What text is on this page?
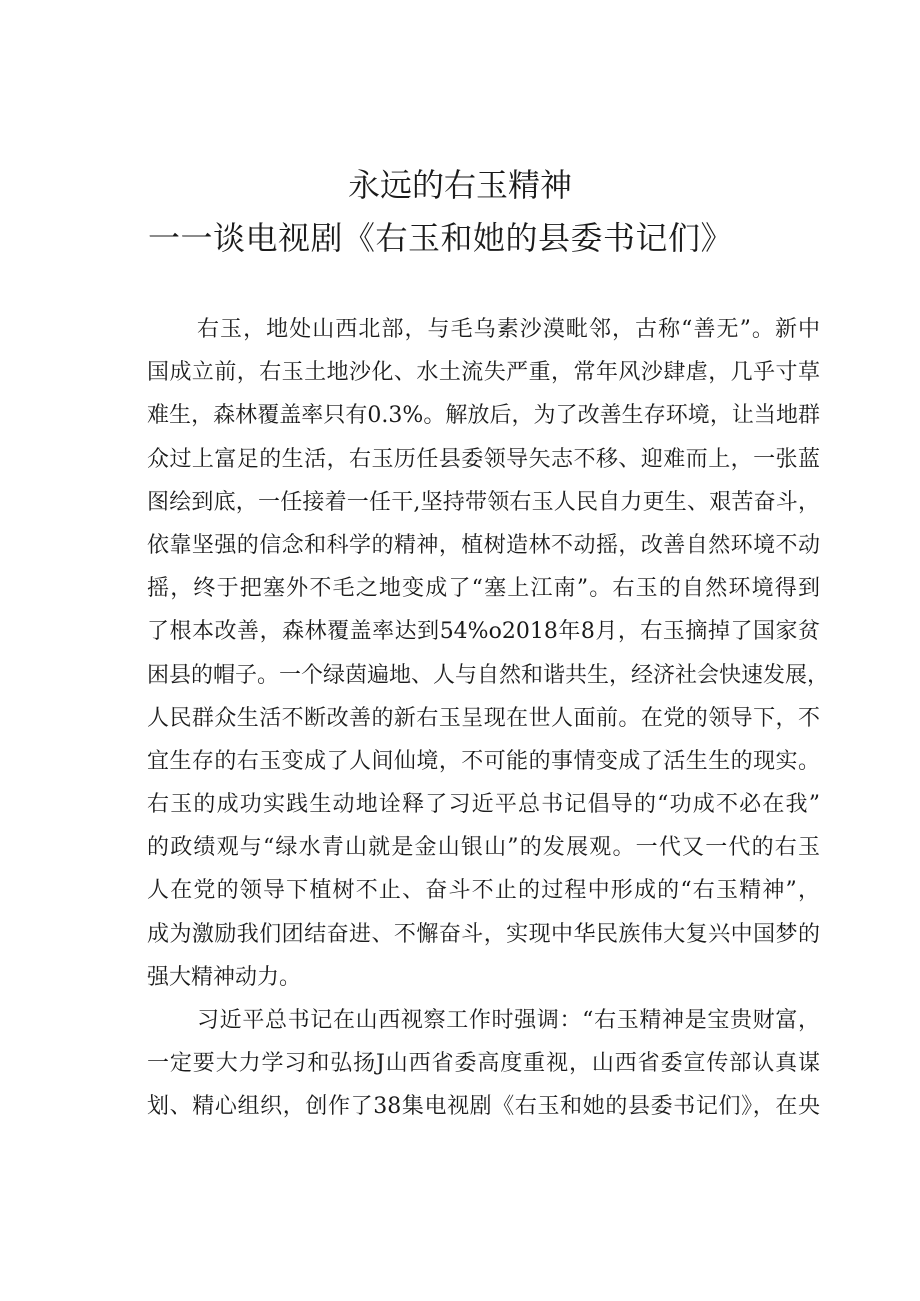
永远的右玉精神
一一谈电视剧《右玉和她的县委书记们》
右玉，地处山西北部，与毛乌素沙漠毗邻，古称“善无”。新中
国成立前，右玉土地沙化、水土流失严重，常年风沙肆虐，几乎寸草
难生，森林覆盖率只有0.3%。解放后，为了改善生存环境，让当地群
众过上富足的生活，右玉历任县委领导矢志不移、迎难而上，一张蓝
图绘到底，一任接着一任干,坚持带领右玉人民自力更生、艰苦奋斗，
依靠坚强的信念和科学的精神，植树造林不动摇，改善自然环境不动
摇，终于把塞外不毛之地变成了“塞上江南”。右玉的自然环境得到
了根本改善，森林覆盖率达到54%o2018年8月，右玉摘掉了国家贫
困县的帽子。一个绿茵遍地、人与自然和谐共生，经济社会快速发展，
人民群众生活不断改善的新右玉呈现在世人面前。在党的领导下，不
宜生存的右玉变成了人间仙境，不可能的事情变成了活生生的现实。
右玉的成功实践生动地诠释了习近平总书记倡导的“功成不必在我”
的政绩观与“绿水青山就是金山银山”的发展观。一代又一代的右玉
人在党的领导下植树不止、奋斗不止的过程中形成的“右玉精神”，
成为激励我们团结奋进、不懈奋斗，实现中华民族伟大复兴中国梦的
强大精神动力。
习近平总书记在山西视察工作时强调：“右玉精神是宝贵财富，
一定要大力学习和弘扬J山西省委高度重视，山西省委宣传部认真谋
划、精心组织，创作了38集电视剧《右玉和她的县委书记们》，在央
